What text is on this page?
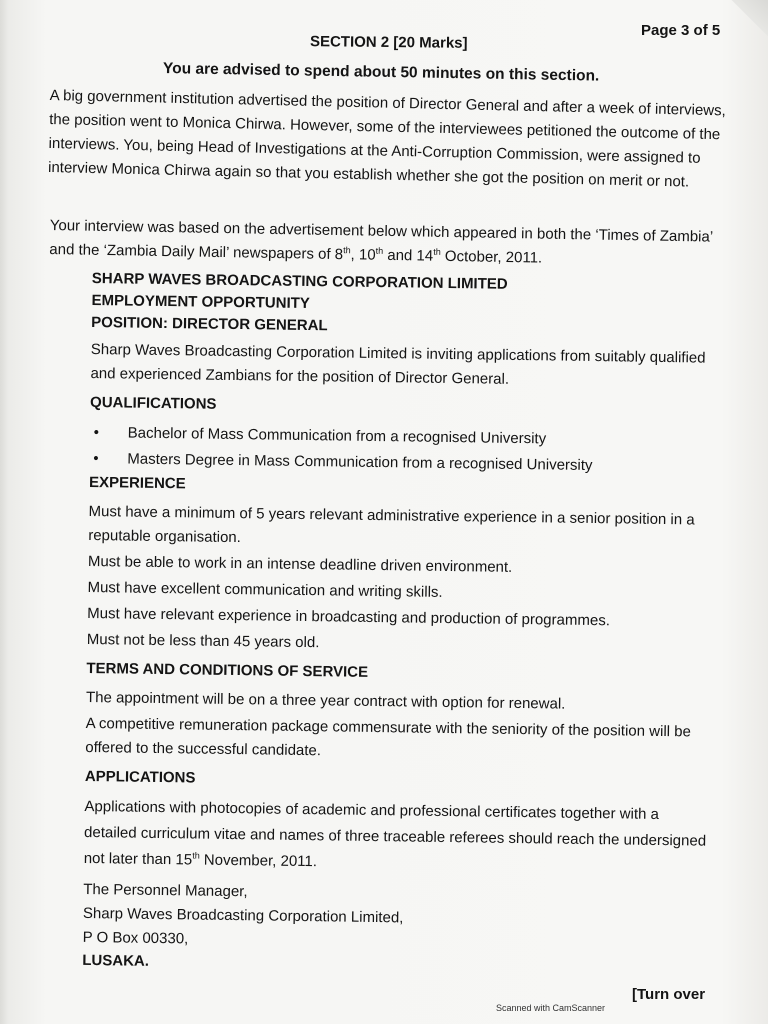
Page 3 of 5
SECTION 2 [20 Marks]
You are advised to spend about 50 minutes on this section.
A big government institution advertised the position of Director General and after a week of interviews, the position went to Monica Chirwa. However, some of the interviewees petitioned the outcome of the interviews. You, being Head of Investigations at the Anti-Corruption Commission, were assigned to interview Monica Chirwa again so that you establish whether she got the position on merit or not.
Your interview was based on the advertisement below which appeared in both the ‘Times of Zambia’ and the ‘Zambia Daily Mail’ newspapers of 8th, 10th and 14th October, 2011.
SHARP WAVES BROADCASTING CORPORATION LIMITED
EMPLOYMENT OPPORTUNITY
POSITION: DIRECTOR GENERAL

Sharp Waves Broadcasting Corporation Limited is inviting applications from suitably qualified and experienced Zambians for the position of Director General.

QUALIFICATIONS
•	Bachelor of Mass Communication from a recognised University
•	Masters Degree in Mass Communication from a recognised University
EXPERIENCE

Must have a minimum of 5 years relevant administrative experience in a senior position in a reputable organisation.

Must be able to work in an intense deadline driven environment.

Must have excellent communication and writing skills.

Must have relevant experience in broadcasting and production of programmes.

Must not be less than 45 years old.

TERMS AND CONDITIONS OF SERVICE

The appointment will be on a three year contract with option for renewal.

A competitive remuneration package commensurate with the seniority of the position will be offered to the successful candidate.

APPLICATIONS

Applications with photocopies of academic and professional certificates together with a detailed curriculum vitae and names of three traceable referees should reach the undersigned not later than 15th November, 2011.

The Personnel Manager,

Sharp Waves Broadcasting Corporation Limited,

P O Box 00330,

LUSAKA.

[Turn over
Scanned with CamScanner
